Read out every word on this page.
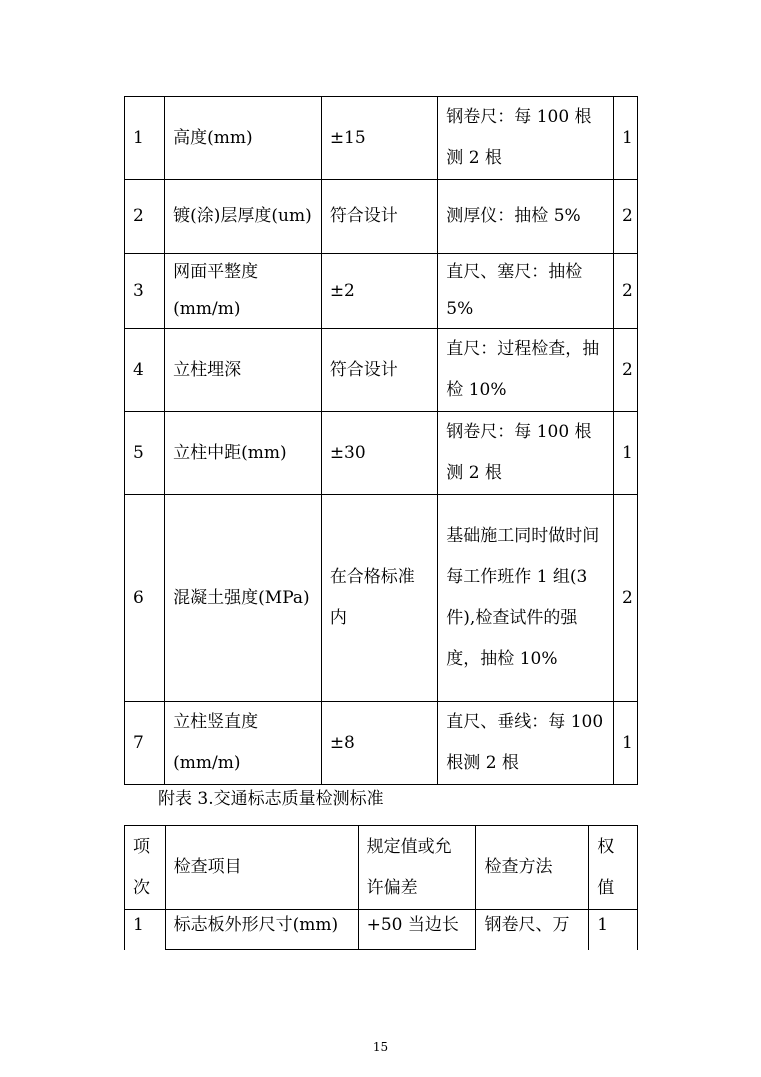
1	高度(mm)	±15	钢卷尺：每 100 根测 2 根	1
2	镀(涂)层厚度(um)	符合设计	测厚仪：抽检 5%	2
3	网面平整度(mm/m)	±2	直尺、塞尺：抽检 5%	2
4	立柱埋深	符合设计	直尺：过程检查，抽检 10%	2
5	立柱中距(mm)	±30	钢卷尺：每 100 根测 2 根	1
6	混凝土强度(MPa)	在合格标准内	基础施工同时做时间每工作班作 1 组(3 件),检查试件的强度，抽检 10%	2
7	立柱竖直度(mm/m)	±8	直尺、垂线：每 100 根测 2 根	1
附表 3.交通标志质量检测标准
项次	检查项目	规定值或允许偏差	检查方法	权值
1	标志板外形尺寸(mm)	+50 当边长	钢卷尺、万	1
15
